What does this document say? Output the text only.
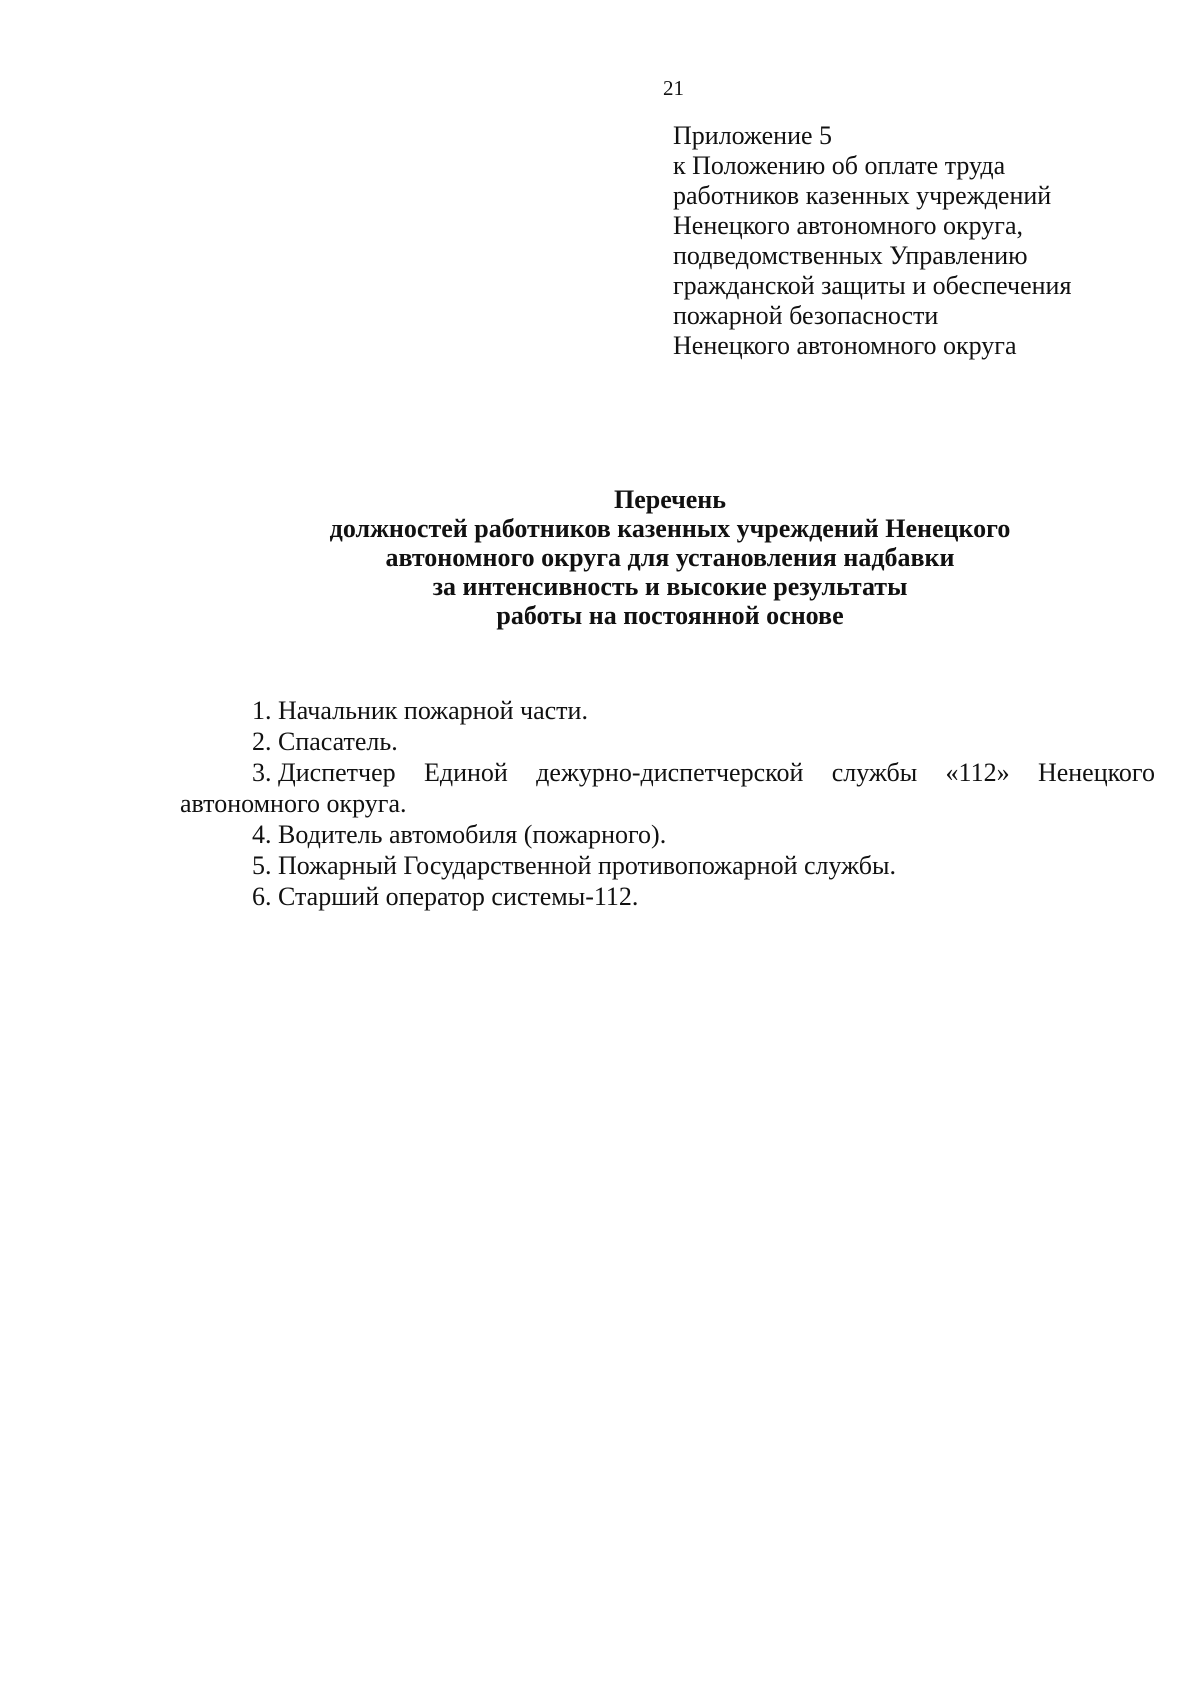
21
Приложение 5
к Положению об оплате труда
работников казенных учреждений
Ненецкого автономного округа,
подведомственных Управлению
гражданской защиты и обеспечения
пожарной безопасности
Ненецкого автономного округа
Перечень
должностей работников казенных учреждений Ненецкого
автономного округа для установления надбавки
за интенсивность и высокие результаты
работы на постоянной основе
1. Начальник пожарной части.
2. Спасатель.
3. Диспетчер Единой дежурно-диспетчерской службы «112» Ненецкого
автономного округа.
4. Водитель автомобиля (пожарного).
5. Пожарный Государственной противопожарной службы.
6. Старший оператор системы-112.
